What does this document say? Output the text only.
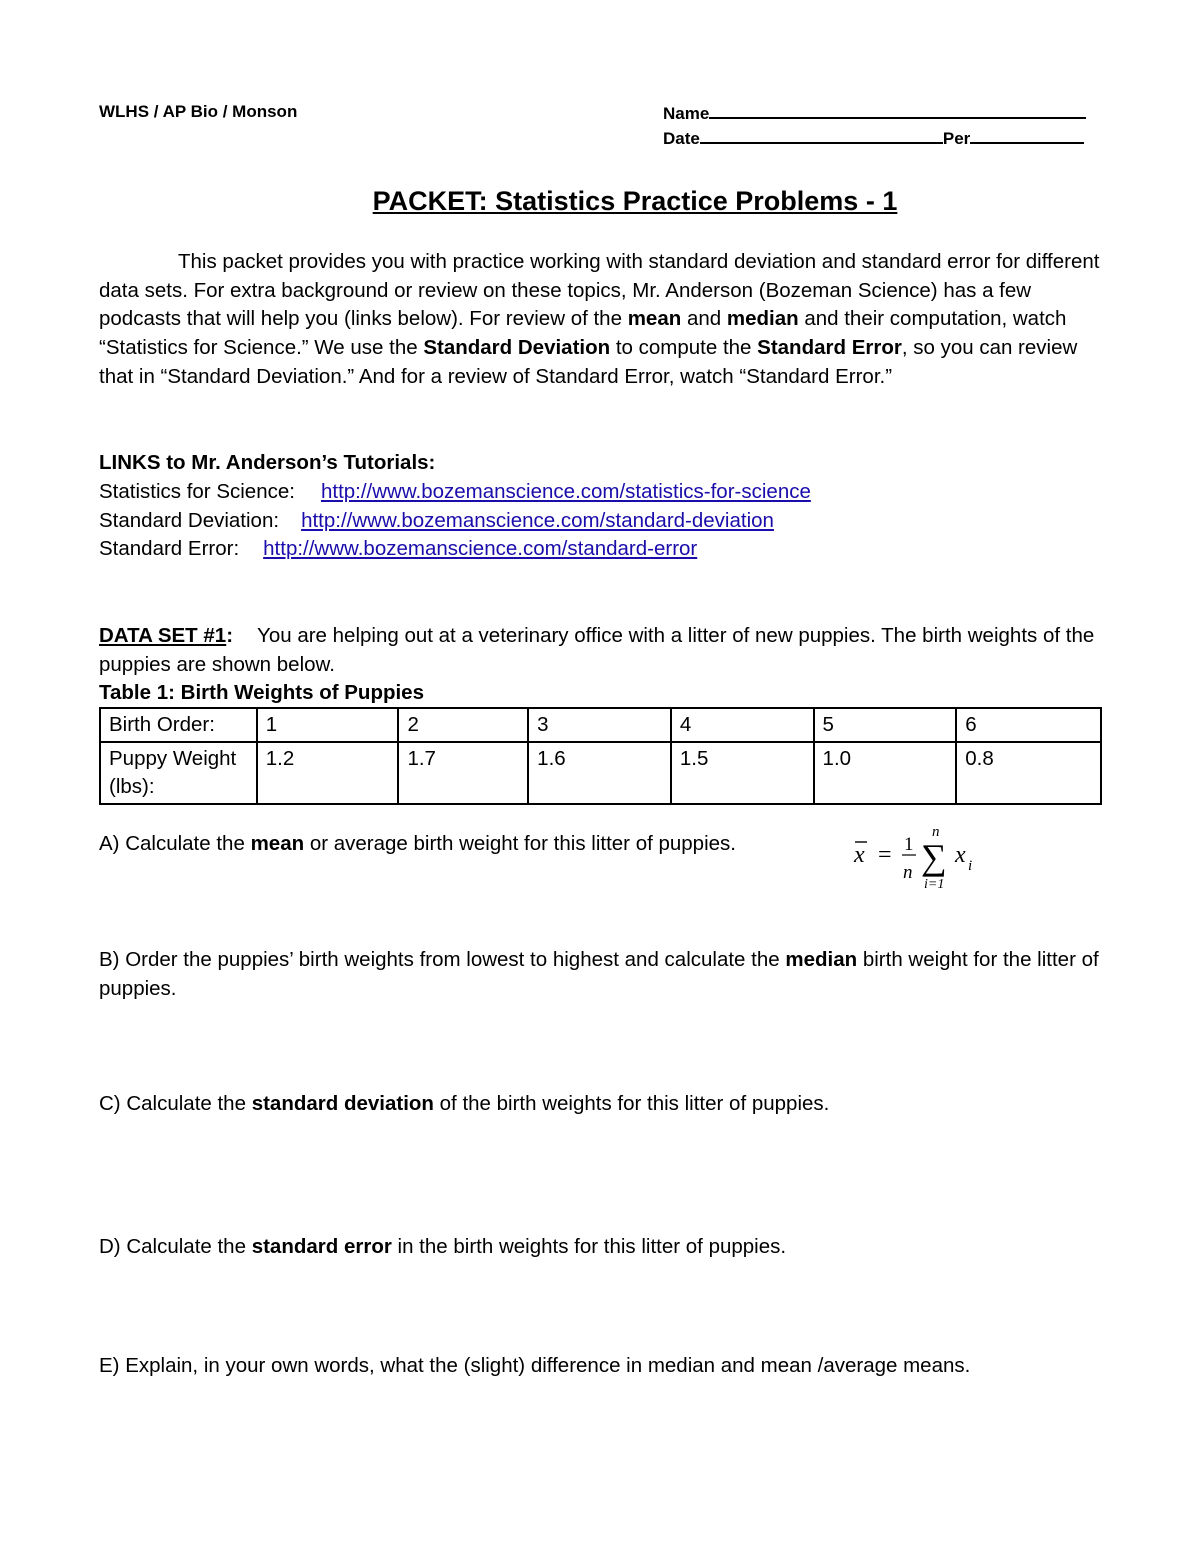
WLHS / AP Bio / Monson	Name
Date	Per
PACKET: Statistics Practice Problems - 1
This packet provides you with practice working with standard deviation and standard error for different data sets. For extra background or review on these topics, Mr. Anderson (Bozeman Science) has a few podcasts that will help you (links below). For review of the mean and median and their computation, watch “Statistics for Science.” We use the Standard Deviation to compute the Standard Error, so you can review that in “Standard Deviation.” And for a review of Standard Error, watch “Standard Error.”
LINKS to Mr. Anderson’s Tutorials:
Statistics for Science: http://www.bozemanscience.com/statistics-for-science
Standard Deviation: http://www.bozemanscience.com/standard-deviation
Standard Error: http://www.bozemanscience.com/standard-error
DATA SET #1: You are helping out at a veterinary office with a litter of new puppies. The birth weights of the puppies are shown below.
Table 1: Birth Weights of Puppies
Birth Order:	1	2	3	4	5	6
Puppy Weight (lbs):	1.2	1.7	1.6	1.5	1.0	0.8
A) Calculate the mean or average birth weight for this litter of puppies.	x = 1
n
n
∑
i=1
x i
B) Order the puppies’ birth weights from lowest to highest and calculate the median birth weight for the litter of puppies.
C) Calculate the standard deviation of the birth weights for this litter of puppies.
D) Calculate the standard error in the birth weights for this litter of puppies.
E) Explain, in your own words, what the (slight) difference in median and mean /average means.
